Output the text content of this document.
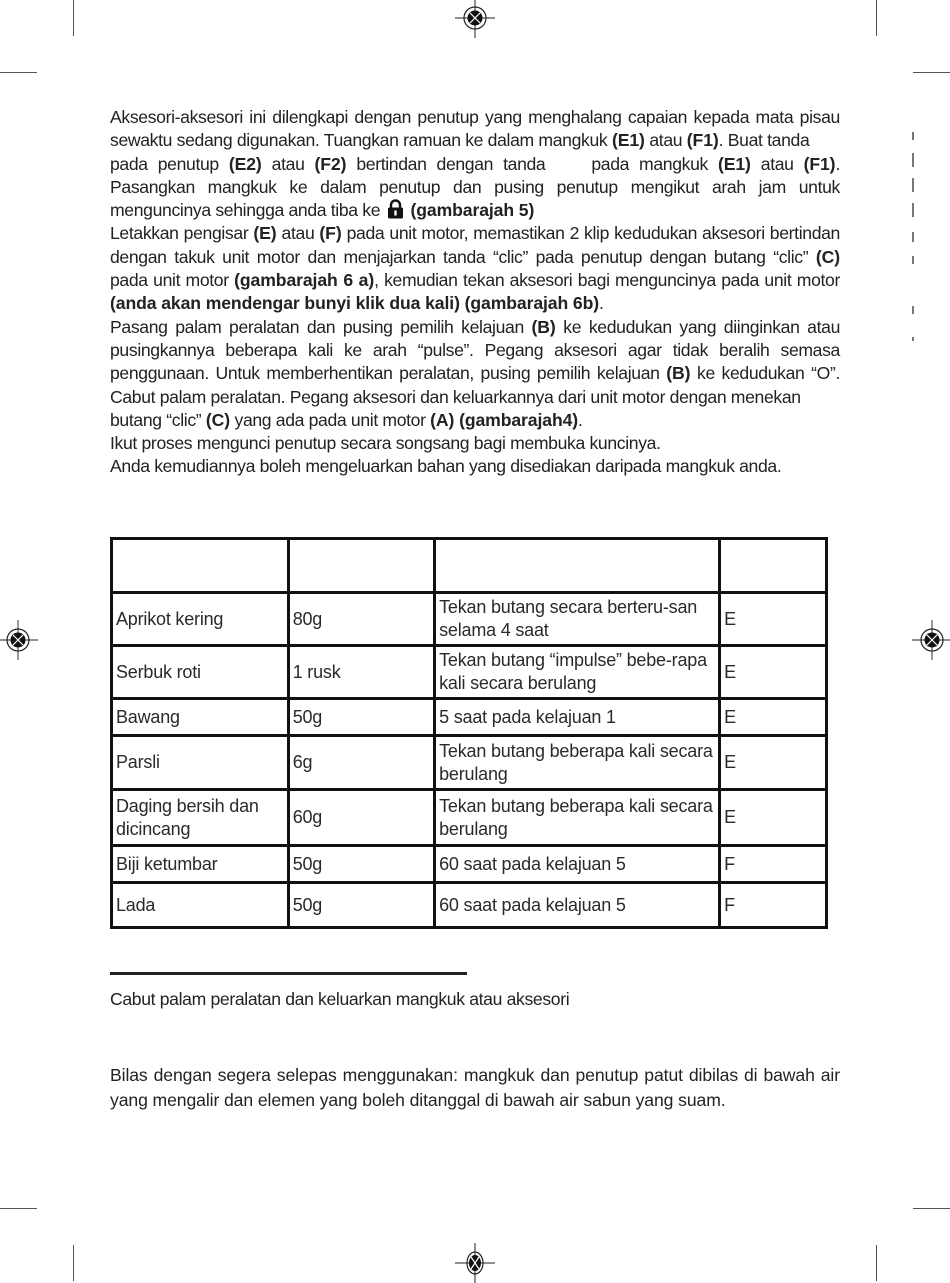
Aksesori-aksesori ini dilengkapi dengan penutup yang menghalang capaian kepada mata pisau sewaktu sedang digunakan. Tuangkan ramuan ke dalam mangkuk (E1) atau (F1). Buat tanda  pada penutup (E2) atau (F2) bertindan dengan tanda  pada mangkuk (E1) atau (F1). Pasangkan mangkuk ke dalam penutup dan pusing penutup mengikut arah jam untuk menguncinya sehingga anda tiba ke  (gambarajah 5)

Letakkan pengisar (E) atau (F) pada unit motor, memastikan 2 klip kedudukan aksesori bertindan dengan takuk unit motor dan menjajarkan tanda “clic” pada penutup dengan butang “clic” (C) pada unit motor (gambarajah 6 a), kemudian tekan aksesori bagi menguncinya pada unit motor (anda akan mendengar bunyi klik dua kali) (gambarajah 6b).

Pasang palam peralatan dan pusing pemilih kelajuan (B) ke kedudukan yang diinginkan atau pusingkannya beberapa kali ke arah “pulse”. Pegang aksesori agar tidak beralih semasa penggunaan. Untuk memberhentikan peralatan, pusing pemilih kelajuan (B) ke kedudukan “O”. Cabut palam peralatan. Pegang aksesori dan keluarkannya dari unit motor dengan menekan

butang “clic” (C) yang ada pada unit motor (A) (gambarajah4).

Ikut proses mengunci penutup secara songsang bagi membuka kuncinya.

Anda kemudiannya boleh mengeluarkan bahan yang disediakan daripada mangkuk anda.

Aprikot kering	80g	Tekan butang secara berteru-san selama 4 saat	E
Serbuk roti	1 rusk	Tekan butang “impulse” bebe-rapa kali secara berulang	E
Bawang	50g	5 saat pada kelajuan 1	E
Parsli	6g	Tekan butang beberapa kali secara berulang	E
Daging bersih dan dicincang	60g	Tekan butang beberapa kali secara berulang	E
Biji ketumbar	50g	60 saat pada kelajuan 5	F
Lada	50g	60 saat pada kelajuan 5	F
Cabut palam peralatan dan keluarkan mangkuk atau aksesori
Bilas dengan segera selepas menggunakan: mangkuk dan penutup patut dibilas di bawah air yang mengalir dan elemen yang boleh ditanggal di bawah air sabun yang suam.
